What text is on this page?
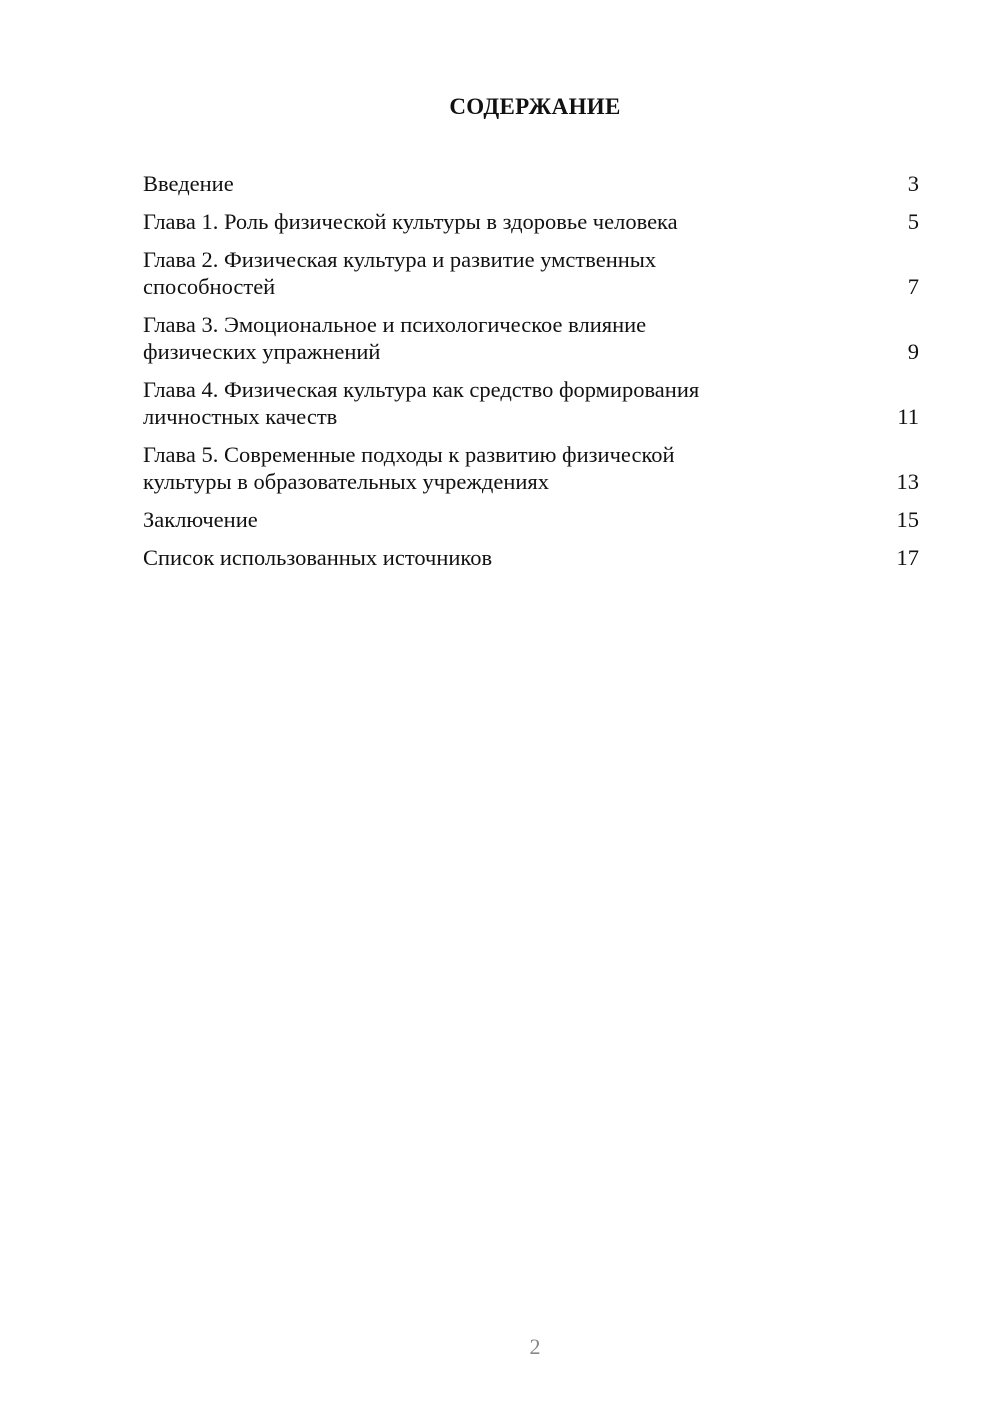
СОДЕРЖАНИЕ
Введение	3
Глава 1. Роль физической культуры в здоровье человека	5
Глава 2. Физическая культура и развитие умственных
способностей	7
Глава 3. Эмоциональное и психологическое влияние
физических упражнений	9
Глава 4. Физическая культура как средство формирования
личностных качеств	11
Глава 5. Современные подходы к развитию физической
культуры в образовательных учреждениях	13
Заключение	15
Список использованных источников	17
2
